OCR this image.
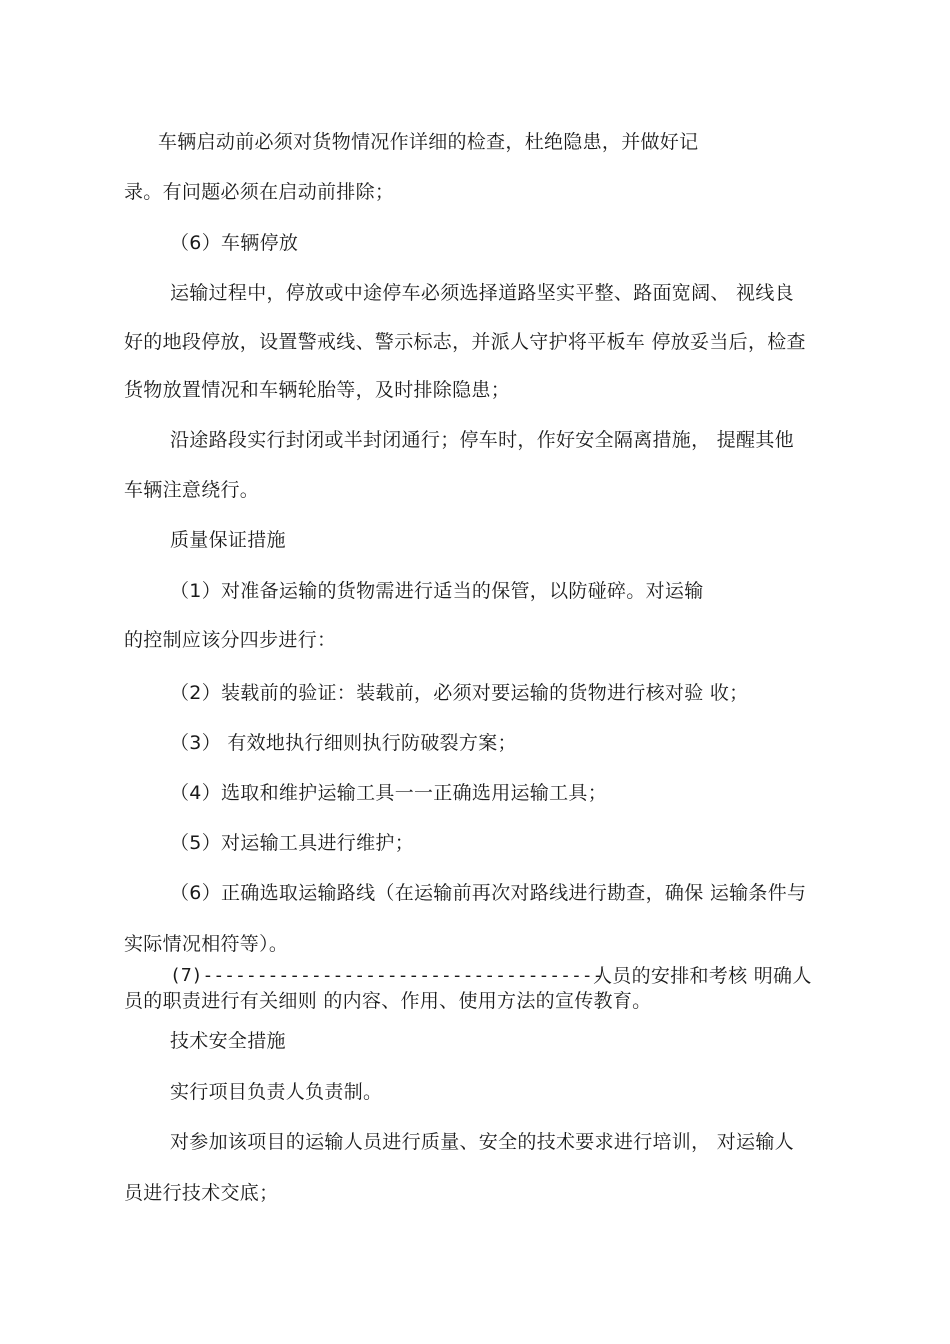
车辆启动前必须对货物情况作详细的检查，杜绝隐患，并做好记

录。有问题必须在启动前排除；

（6）车辆停放

运输过程中，停放或中途停车必须选择道路坚实平整、路面宽阔、 视线良

好的地段停放，设置警戒线、警示标志，并派人守护将平板车 停放妥当后，检查

货物放置情况和车辆轮胎等，及时排除隐患；

沿途路段实行封闭或半封闭通行；停车时，作好安全隔离措施， 提醒其他

车辆注意绕行。

质量保证措施

（1）对准备运输的货物需进行适当的保管，以防碰碎。对运输

的控制应该分四步进行：

（2）装载前的验证：装载前，必须对要运输的货物进行核对验 收；

（3） 有效地执行细则执行防破裂方案；

（4）选取和维护运输工具一一正确选用运输工具；

（5）对运输工具进行维护；

（6）正确选取运输路线（在运输前再次对路线进行勘查，确保 运输条件与

实际情况相符等）。

(7)-------------------------------------

人员的安排和考核 明确人

员的职责进行有关细则 的内容、作用、使用方法的宣传教育。

技术安全措施

实行项目负责人负责制。

对参加该项目的运输人员进行质量、安全的技术要求进行培训， 对运输人

员进行技术交底；
